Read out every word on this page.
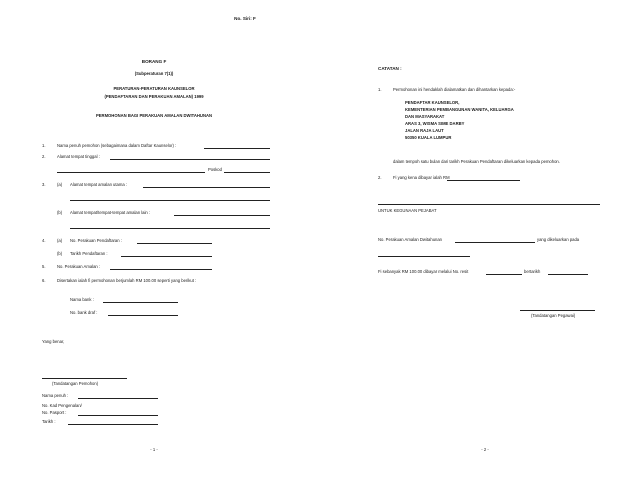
No. Siri: F
BORANG F
(Subperaturan 7(1))
PERATURAN-PERATURAN KAUNSELOR
(PENDAFTARAN DAN PERAKUAN AMALAN) 1999
PERMOHONAN BAGI PERAKUAN AMALAN DWITAHUNAN
1.	Nama penuh pemohon (sebagaimana dalam Daftar Kaunselor) :
2.	Alamat tempat tinggal :
Poskod
3.	(a) Alamat tempat amalan utama :
(b) Alamat tempat/tempat-tempat amalan lain :
4.	(a) No. Perakuan Pendaftaran :
(b) Tarikh Pendaftaran :
5.	No. Perakuan Amalan :
6.	Disertakan ialah fi permohonan berjumlah RM 100.00 seperti yang berikut :
Nama bank :
No. bank draf :
Yang benar,
(Tandatangan Pemohon)
Nama penuh :
No. Kad Pengenalan/
No. Pasport :
Tarikh :
- 1 -
CATATAN :
1.	Permohonan ini hendaklah dialamatkan dan dihantarkan kepada:-
PENDAFTAR KAUNSELOR,
KEMENTERIAN PEMBANGUNAN WANITA, KELUARGA
DAN MASYARAKAT
ARAS 3, WISMA SIME DARBY
JALAN RAJA LAUT
50350 KUALA LUMPUR
dalam tempoh satu bulan dari tarikh Perakuan Pendaftaran dikeluarkan kepada pemohon.
2.	Fi yang kena dibayar ialah RM
UNTUK KEGUNAAN PEJABAT
No. Perakuan Amalan Dwitahunan	yang dikeluarkan pada
Fi sebanyak RM 100.00 dibayar melalui No. resit	bertarikh
(Tandatangan Pegawai)
- 2 -
